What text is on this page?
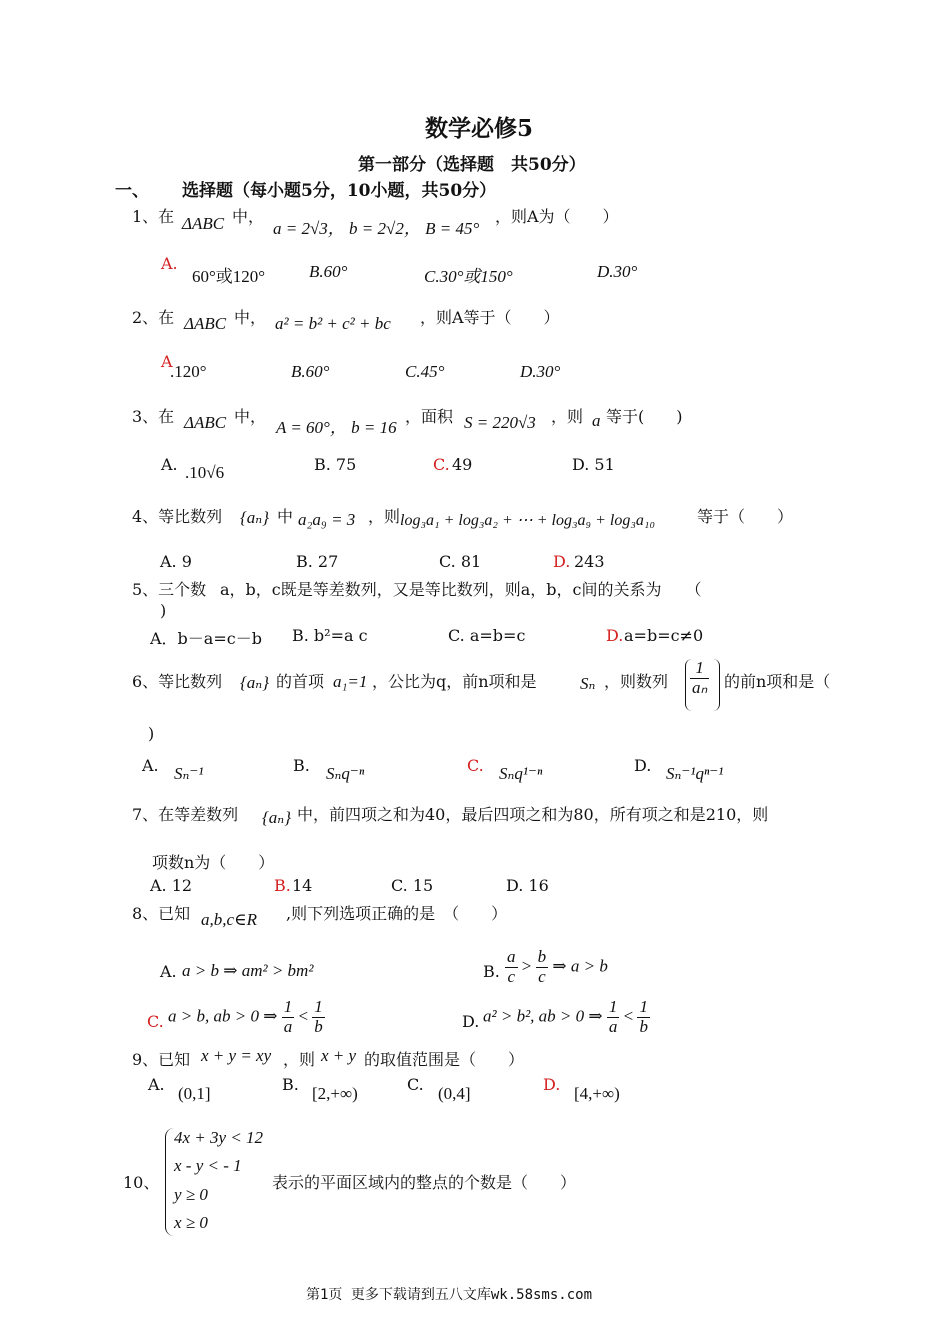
数学必修5
第一部分（选择题　共50分）
一、 选择题（每小题5分，10小题，共50分）
1、在 ΔABC 中，
a = 2√3， b = 2√2， B = 45°
，则A为（　　）
A.
60°或120°	B.60°	C.30°或150°	D.30°
2、在 ΔABC 中， a² = b² + c² + bc ，则A等于（　　）
A
.120°	B.60°	C.45°	D.30°
3、在 ΔABC 中，
A = 60°， b = 16
，面积 S = 220√3 ，则 a 等于(　　)
A. .10√6	B. 75	C. 49	D. 51
4、等比数列 {aₙ} 中 a₂a₉ = 3 ，则 log₃a₁ + log₃a₂ + ⋯ + log₃a₉ + log₃a₁₀	等于（　　）
A. 9	B. 27	C. 81	D. 243
5、三个数 a，b，c既是等差数列，又是等比数列，则a，b，c间的关系为　　（
)
A．b－a=c－b B. b²=a c	C. a=b=c	D. a=b=c≠0
6、等比数列 {aₙ} 的首项 a₁=1 ，公比为q，前n项和是	Sₙ ，则数列 $\frac{1}{\text{aₙ}}$ 的前n项和是（
)
A. Sₙ⁻¹	B. Sₙq⁻ⁿ	C. Sₙq¹⁻ⁿ	D. Sₙ⁻¹qⁿ⁻¹
7、在等差数列 {aₙ} 中，前四项之和为40，最后四项之和为80，所有项之和是210，则
项数n为（　　）
A. 12	B. 14	C. 15	D. 16
8、已知 a,b,c∈R ,则下列选项正确的是　（　　）
A. a > b ⇒ am² > bm²	B. $\frac{a}{c} > \frac{b}{c}$ ⇒ a > b
C. a > b, ab > 0 ⇒ $\frac{1}{a} < \frac{1}{b}$	D. a² > b², ab > 0 ⇒ $\frac{1}{a} < \frac{1}{b}$
9、已知 x + y = xy ，则 x + y 的取值范围是（　　）
A. (0,1]	B. [2,+∞)	C. (0,4]	D. [4,+∞)
10、
4x + 3y < 12
x - y < - 1
y ≥ 0
x ≥ 0
表示的平面区域内的整点的个数是（　　）
第1页 更多下载请到五八文库wk.58sms.com
